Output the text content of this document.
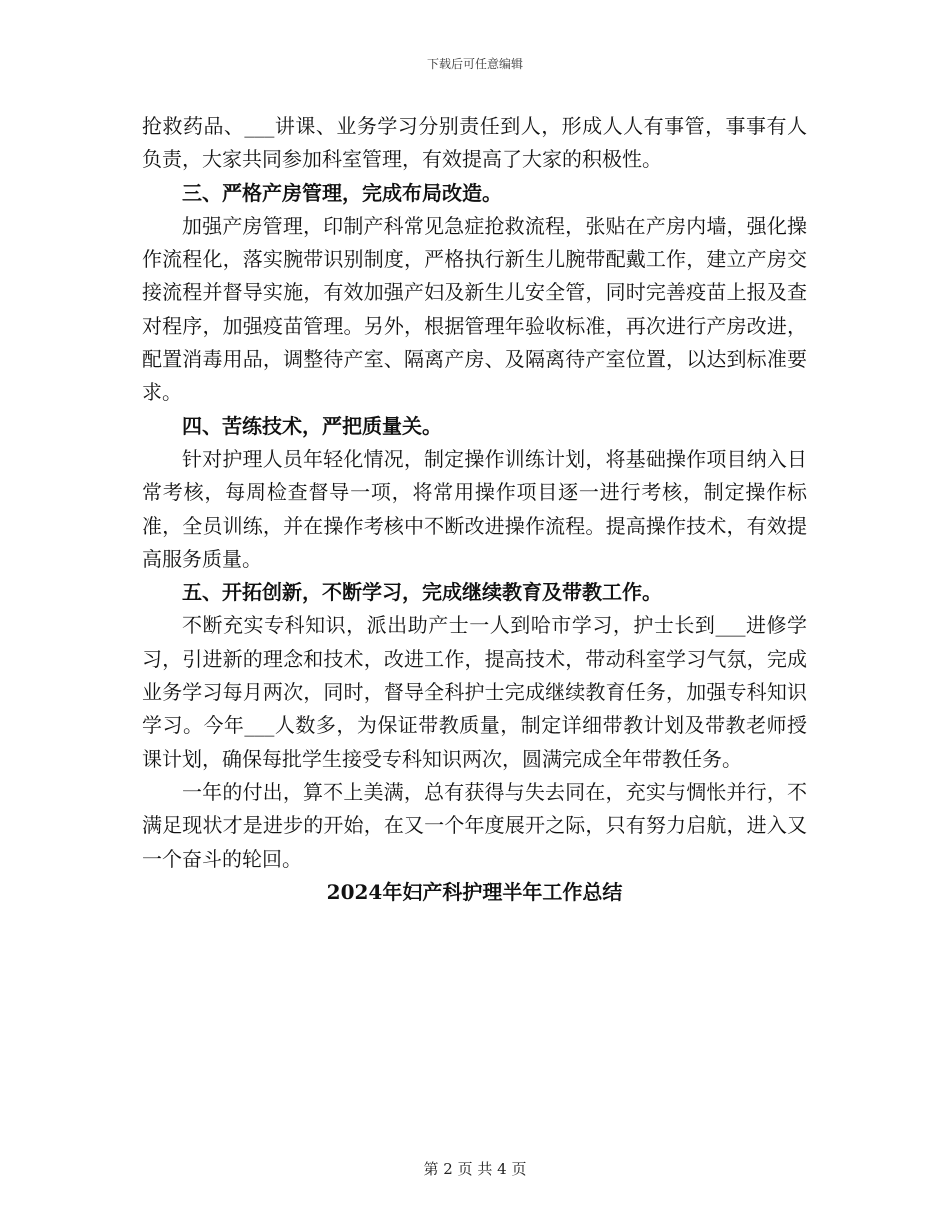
下载后可任意编辑

抢救药品、___讲课、业务学习分别责任到人，形成人人有事管，事事有人负责，大家共同参加科室管理，有效提高了大家的积极性。

三、严格产房管理，完成布局改造。

加强产房管理，印制产科常见急症抢救流程，张贴在产房内墙，强化操作流程化，落实腕带识别制度，严格执行新生儿腕带配戴工作，建立产房交接流程并督导实施，有效加强产妇及新生儿安全管，同时完善疫苗上报及查对程序，加强疫苗管理。另外，根据管理年验收标准，再次进行产房改进，配置消毒用品，调整待产室、隔离产房、及隔离待产室位置，以达到标准要求。

四、苦练技术，严把质量关。

针对护理人员年轻化情况，制定操作训练计划，将基础操作项目纳入日常考核，每周检查督导一项，将常用操作项目逐一进行考核，制定操作标准，全员训练，并在操作考核中不断改进操作流程。提高操作技术，有效提高服务质量。

五、开拓创新，不断学习，完成继续教育及带教工作。

不断充实专科知识，派出助产士一人到哈市学习，护士长到___进修学习，引进新的理念和技术，改进工作，提高技术，带动科室学习气氛，完成业务学习每月两次，同时，督导全科护士完成继续教育任务，加强专科知识学习。今年___人数多，为保证带教质量，制定详细带教计划及带教老师授课计划，确保每批学生接受专科知识两次，圆满完成全年带教任务。

一年的付出，算不上美满，总有获得与失去同在，充实与惆怅并行，不满足现状才是进步的开始，在又一个年度展开之际，只有努力启航，进入又一个奋斗的轮回。

2024年妇产科护理半年工作总结

第 2 页 共 4 页
